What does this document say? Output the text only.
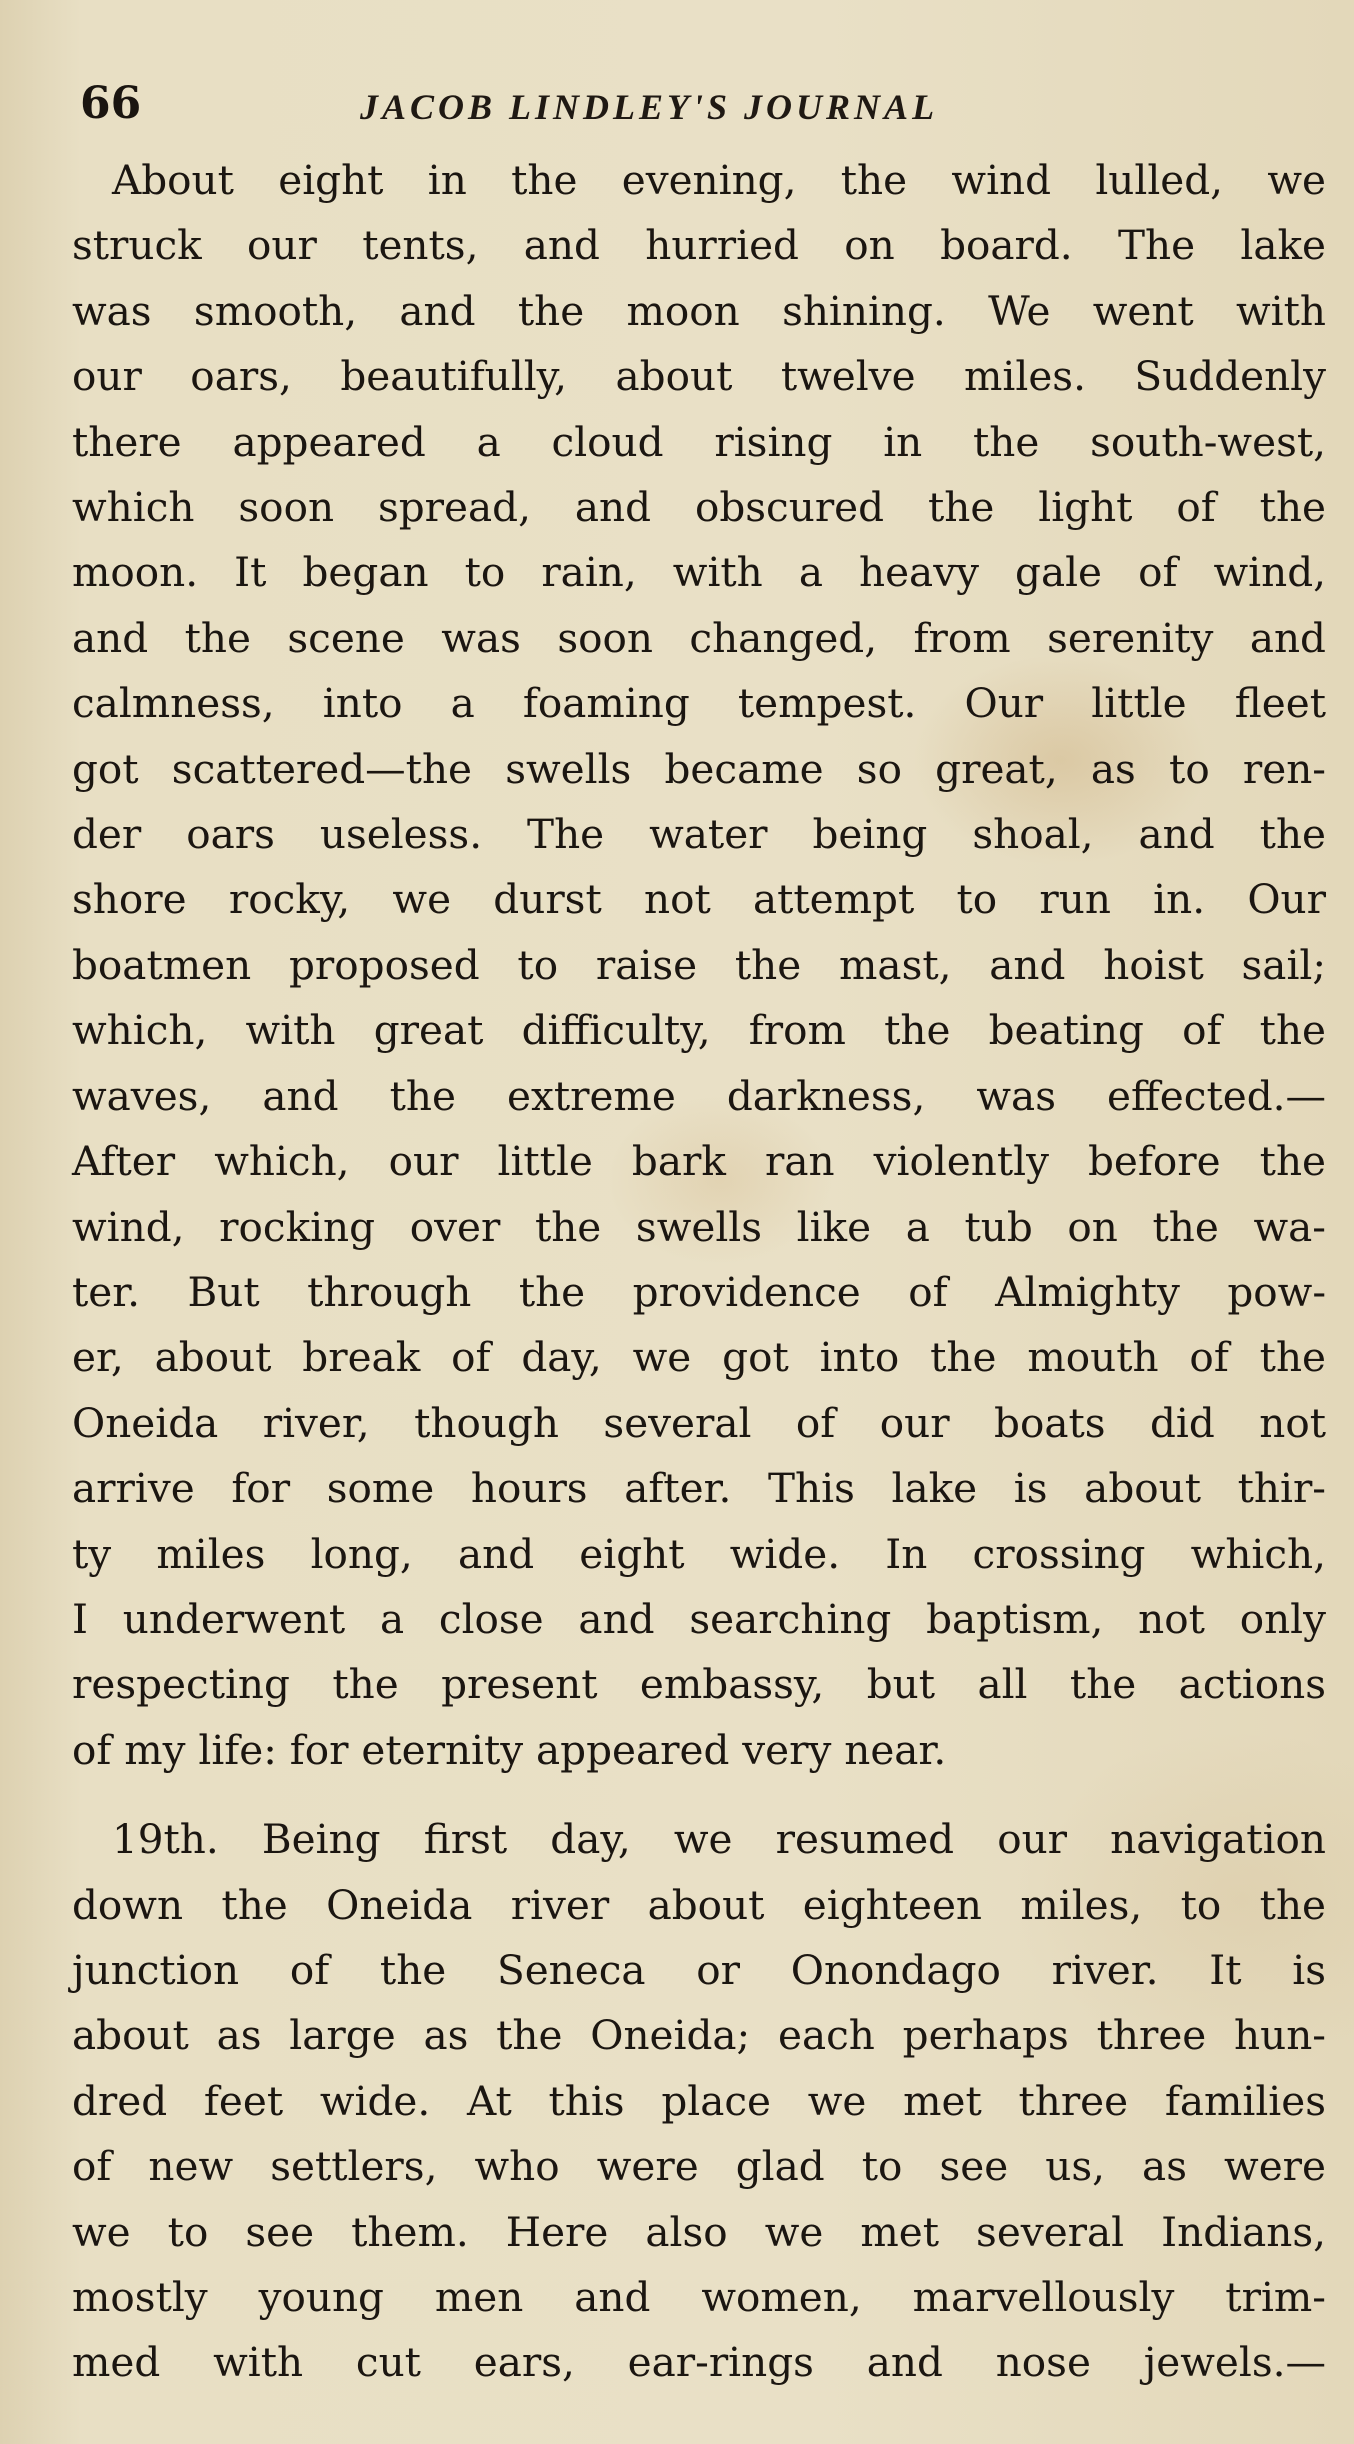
66	JACOB LINDLEY'S JOURNAL
About eight in the evening, the wind lulled, we
struck our tents, and hurried on board. The lake
was smooth, and the moon shining. We went with
our oars, beautifully, about twelve miles. Suddenly
there appeared a cloud rising in the south-west,
which soon spread, and obscured the light of the
moon. It began to rain, with a heavy gale of wind,
and the scene was soon changed, from serenity and
calmness, into a foaming tempest. Our little fleet
got scattered—the swells became so great, as to ren-
der oars useless. The water being shoal, and the
shore rocky, we durst not attempt to run in. Our
boatmen proposed to raise the mast, and hoist sail;
which, with great difficulty, from the beating of the
waves, and the extreme darkness, was effected.—
After which, our little bark ran violently before the
wind, rocking over the swells like a tub on the wa-
ter. But through the providence of Almighty pow-
er, about break of day, we got into the mouth of the
Oneida river, though several of our boats did not
arrive for some hours after. This lake is about thir-
ty miles long, and eight wide. In crossing which,
I underwent a close and searching baptism, not only
respecting the present embassy, but all the actions
of my life: for eternity appeared very near.
19th. Being first day, we resumed our navigation
down the Oneida river about eighteen miles, to the
junction of the Seneca or Onondago river. It is
about as large as the Oneida; each perhaps three hun-
dred feet wide. At this place we met three families
of new settlers, who were glad to see us, as were
we to see them. Here also we met several Indians,
mostly young men and women, marvellously trim-
med with cut ears, ear-rings and nose jewels.—
